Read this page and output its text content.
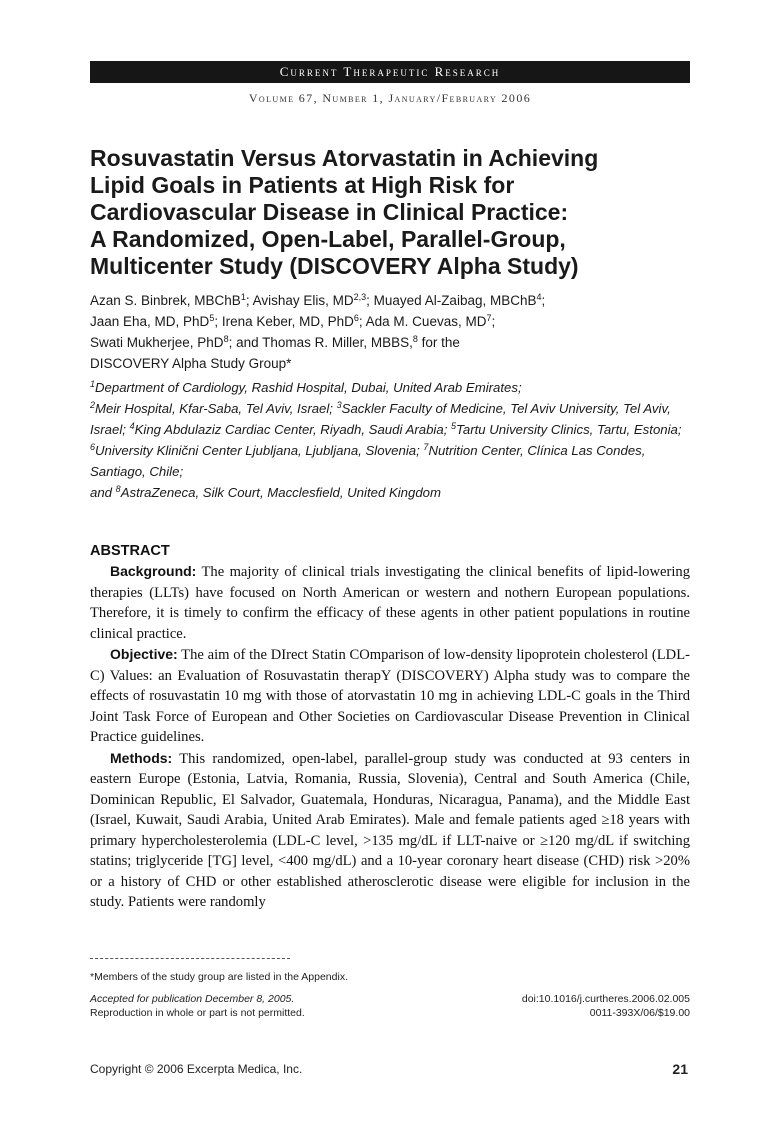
Current Therapeutic Research
Volume 67, Number 1, January/February 2006
Rosuvastatin Versus Atorvastatin in Achieving
Lipid Goals in Patients at High Risk for
Cardiovascular Disease in Clinical Practice:
A Randomized, Open-Label, Parallel-Group,
Multicenter Study (DISCOVERY Alpha Study)
Azan S. Binbrek, MBChB$^1$; Avishay Elis, MD$^{2,3}$; Muayed Al-Zaibag, MBChB$^4$;
Jaan Eha, MD, PhD$^5$; Irena Keber, MD, PhD$^6$; Ada M. Cuevas, $MD^7$;
Swati Mukherjee, PhD$^8$; and Thomas R. Miller, MBBS,$^8$ for the
DISCOVERY Alpha Study Group*
$^1$Department of Cardiology, Rashid Hospital, Dubai, United Arab Emirates;
$^2$Meir Hospital, Kfar-Saba, Tel Aviv, Israel; $^3$Sackler Faculty of Medicine, Tel Aviv University, Tel Aviv, Israel; $^4$King Abdulaziz Cardiac Center, Riyadh, Saudi Arabia; $^5$Tartu University Clinics, Tartu, Estonia; $^6$University Klinični Center Ljubljana, Ljubljana, Slovenia; $^7$Nutrition Center, Clínica Las Condes, Santiago, Chile;
and $^8$AstraZeneca, Silk Court, Macclesfield, United Kingdom
ABSTRACT

Background: The majority of clinical trials investigating the clinical benefits of lipid-lowering therapies (LLTs) have focused on North American or western and nothern European populations. Therefore, it is timely to confirm the efficacy of these agents in other patient populations in routine clinical practice.

Objective: The aim of the DIrect Statin COmparison of low-density lipoprotein cholesterol (LDL-C) Values: an Evaluation of Rosuvastatin therapY (DISCOVERY) Alpha study was to compare the effects of rosuvastatin 10 mg with those of atorvastatin 10 mg in achieving LDL-C goals in the Third Joint Task Force of European and Other Societies on Cardiovascular Disease Prevention in Clinical Practice guidelines.

Methods: This randomized, open-label, parallel-group study was conducted at 93 centers in eastern Europe (Estonia, Latvia, Romania, Russia, Slovenia), Central and South America (Chile, Dominican Republic, El Salvador, Guatemala, Honduras, Nicaragua, Panama), and the Middle East (Israel, Kuwait, Saudi Arabia, United Arab Emirates). Male and female patients aged ≥18 years with primary hypercholesterolemia (LDL-C level, >135 mg/dL if LLT-naive or ≥120 mg/dL if switching statins; triglyceride [TG] level, <400 mg/dL) and a 10-year coronary heart disease (CHD) risk >20% or a history of CHD or other established atherosclerotic disease were eligible for inclusion in the study. Patients were randomly

*Members of the study group are listed in the Appendix.
Accepted for publication December 8, 2005.	doi:10.1016/j.curtheres.2006.02.005
Reproduction in whole or part is not permitted.	0011-393X/06/$19.00
Copyright © 2006 Excerpta Medica, Inc.	21
